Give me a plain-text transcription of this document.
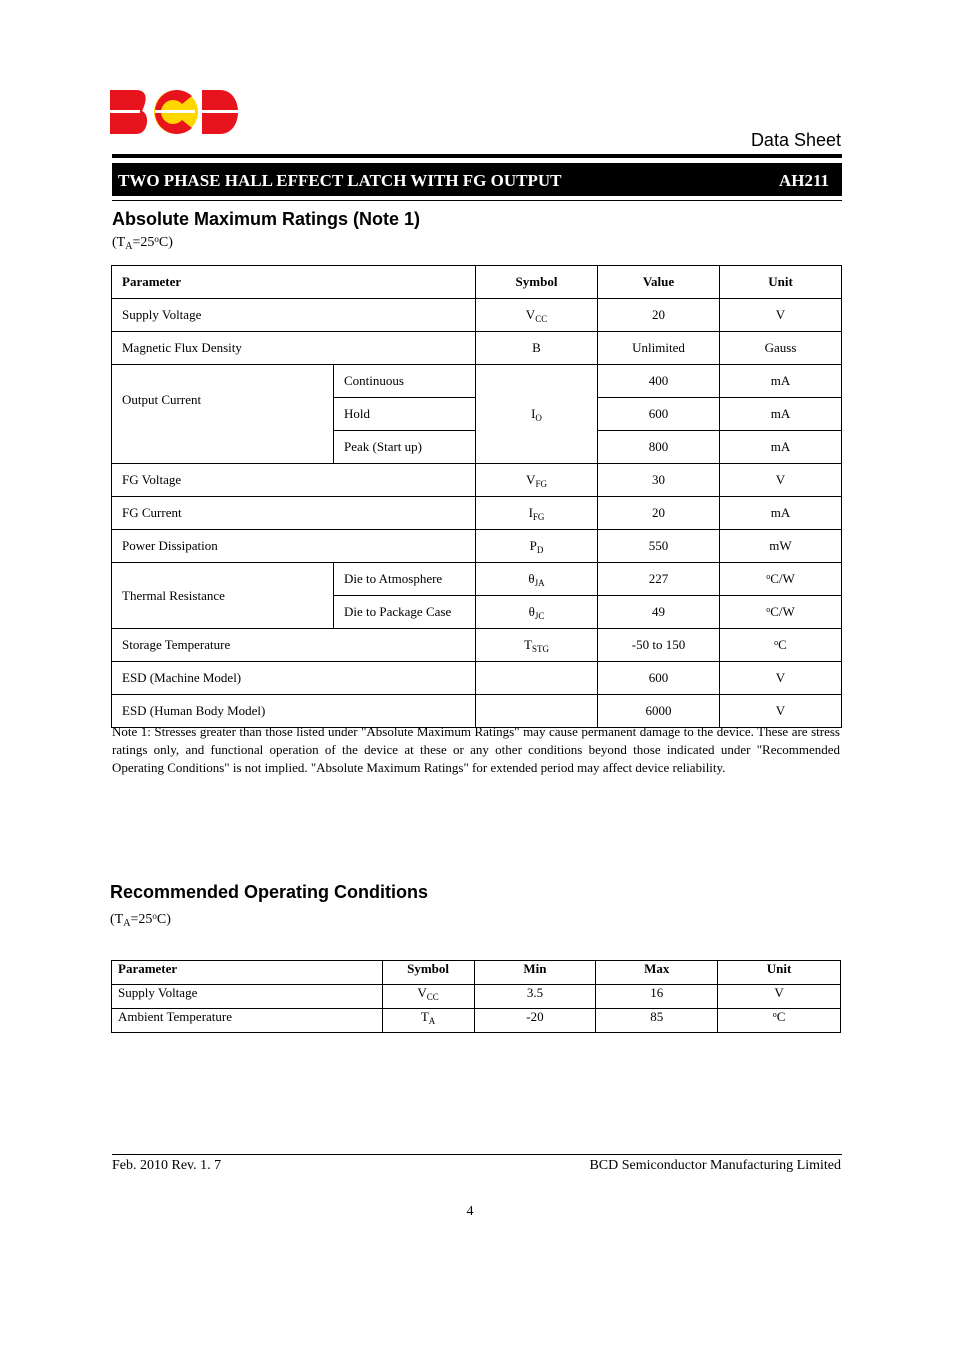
BCD
Data Sheet
TWO PHASE HALL EFFECT LATCH WITH FG OUTPUT	AH211
Absolute Maximum Ratings (Note 1)
$(T_A=25^oC)$
Parameter		Symbol	Value	Unit
Supply Voltage		$V_{CC}$	20	V
Magnetic Flux Density		B	Unlimited	Gauss
Output Current	Continuous	$I_O$	400	mA
	Hold		600	mA
	Peak (Start up)		800	mA
FG Voltage		$V_{FG}$	30	V
FG Current		$I_{FG}$	20	mA
Power Dissipation		$P_D$	550	mW
Thermal Resistance	Die to Atmosphere	$\theta_{JA}$	227	$^o$C/W
	Die to Package Case	$\theta_{JC}$	49	$^o$C/W
Storage Temperature		$T_{STG}$	-50 to 150	$^o$C
ESD (Machine Model)			600	V
ESD (Human Body Model)			6000	V
Note 1: Stresses greater than those listed under "Absolute Maximum Ratings" may cause permanent damage to the device. These are stress ratings only, and functional operation of the device at these or any other conditions beyond those indicated under "Recommended Operating Conditions" is not implied. "Absolute Maximum Ratings" for extended period may affect device reliability.
Recommended Operating Conditions
$(T_A=25^oC)$
Parameter	Symbol	Min	Max	Unit
Supply Voltage	$V_{CC}$	3.5	16	V
Ambient Temperature	$T_A$	-20	85	$^o$C
Feb. 2010 Rev. 1. 7	BCD Semiconductor Manufacturing Limited
4
